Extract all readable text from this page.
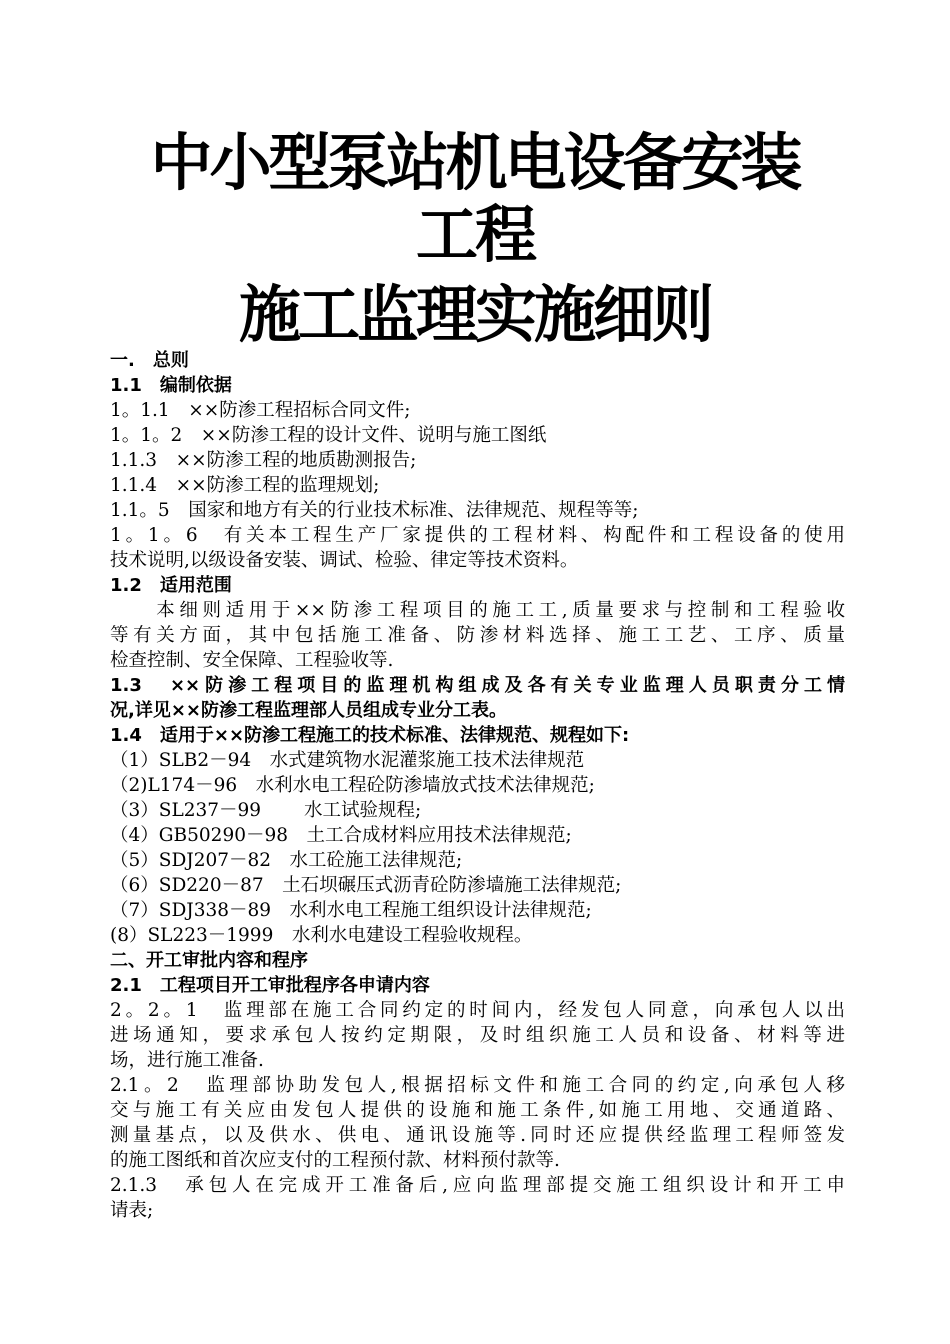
中小型泵站机电设备安装
工程
施工监理实施细则
一.　总则
1.1　编制依据
1。1.1　××防渗工程招标合同文件;
1。1。2　××防渗工程的设计文件、说明与施工图纸
1.1.3　××防渗工程的地质勘测报告;
1.1.4　××防渗工程的监理规划;
1.1。5　国家和地方有关的行业技术标准、法律规范、规程等等;
1。1。6　有关本工程生产厂家提供的工程材料、构配件和工程设备的使用
技术说明,以级设备安装、调试、检验、律定等技术资料。
1.2　适用范围
　　本细则适用于××防渗工程项目的施工工,质量要求与控制和工程验收
等有关方面，其中包括施工准备、防渗材料选择、施工工艺、工序、质量
检查控制、安全保障、工程验收等.
1.3　××防渗工程项目的监理机构组成及各有关专业监理人员职责分工情
况,详见××防渗工程监理部人员组成专业分工表。
1.4　适用于××防渗工程施工的技术标准、法律规范、规程如下:
（1）SLB2－94　水式建筑物水泥灌浆施工技术法律规范
（2)L174－96　水利水电工程砼防渗墙放式技术法律规范;
（3）SL237－99　　 水工试验规程;
（4）GB50290－98　土工合成材料应用技术法律规范;
（5）SDJ207－82　水工砼施工法律规范;
（6）SD220－87　土石坝碾压式沥青砼防渗墙施工法律规范;
（7）SDJ338－89　水利水电工程施工组织设计法律规范;
(8）SL223－1999　水利水电建设工程验收规程。
二、开工审批内容和程序
2.1　工程项目开工审批程序各申请内容
2。2。1　监理部在施工合同约定的时间内，经发包人同意，向承包人以出
进场通知，要求承包人按约定期限，及时组织施工人员和设备、材料等进
场，进行施工准备.
2.1。2　监理部协助发包人,根据招标文件和施工合同的约定,向承包人移
交与施工有关应由发包人提供的设施和施工条件,如施工用地、交通道路、
测量基点，以及供水、供电、通讯设施等.同时还应提供经监理工程师签发
的施工图纸和首次应支付的工程预付款、材料预付款等.
2.1.3　承包人在完成开工准备后,应向监理部提交施工组织设计和开工申
请表;
